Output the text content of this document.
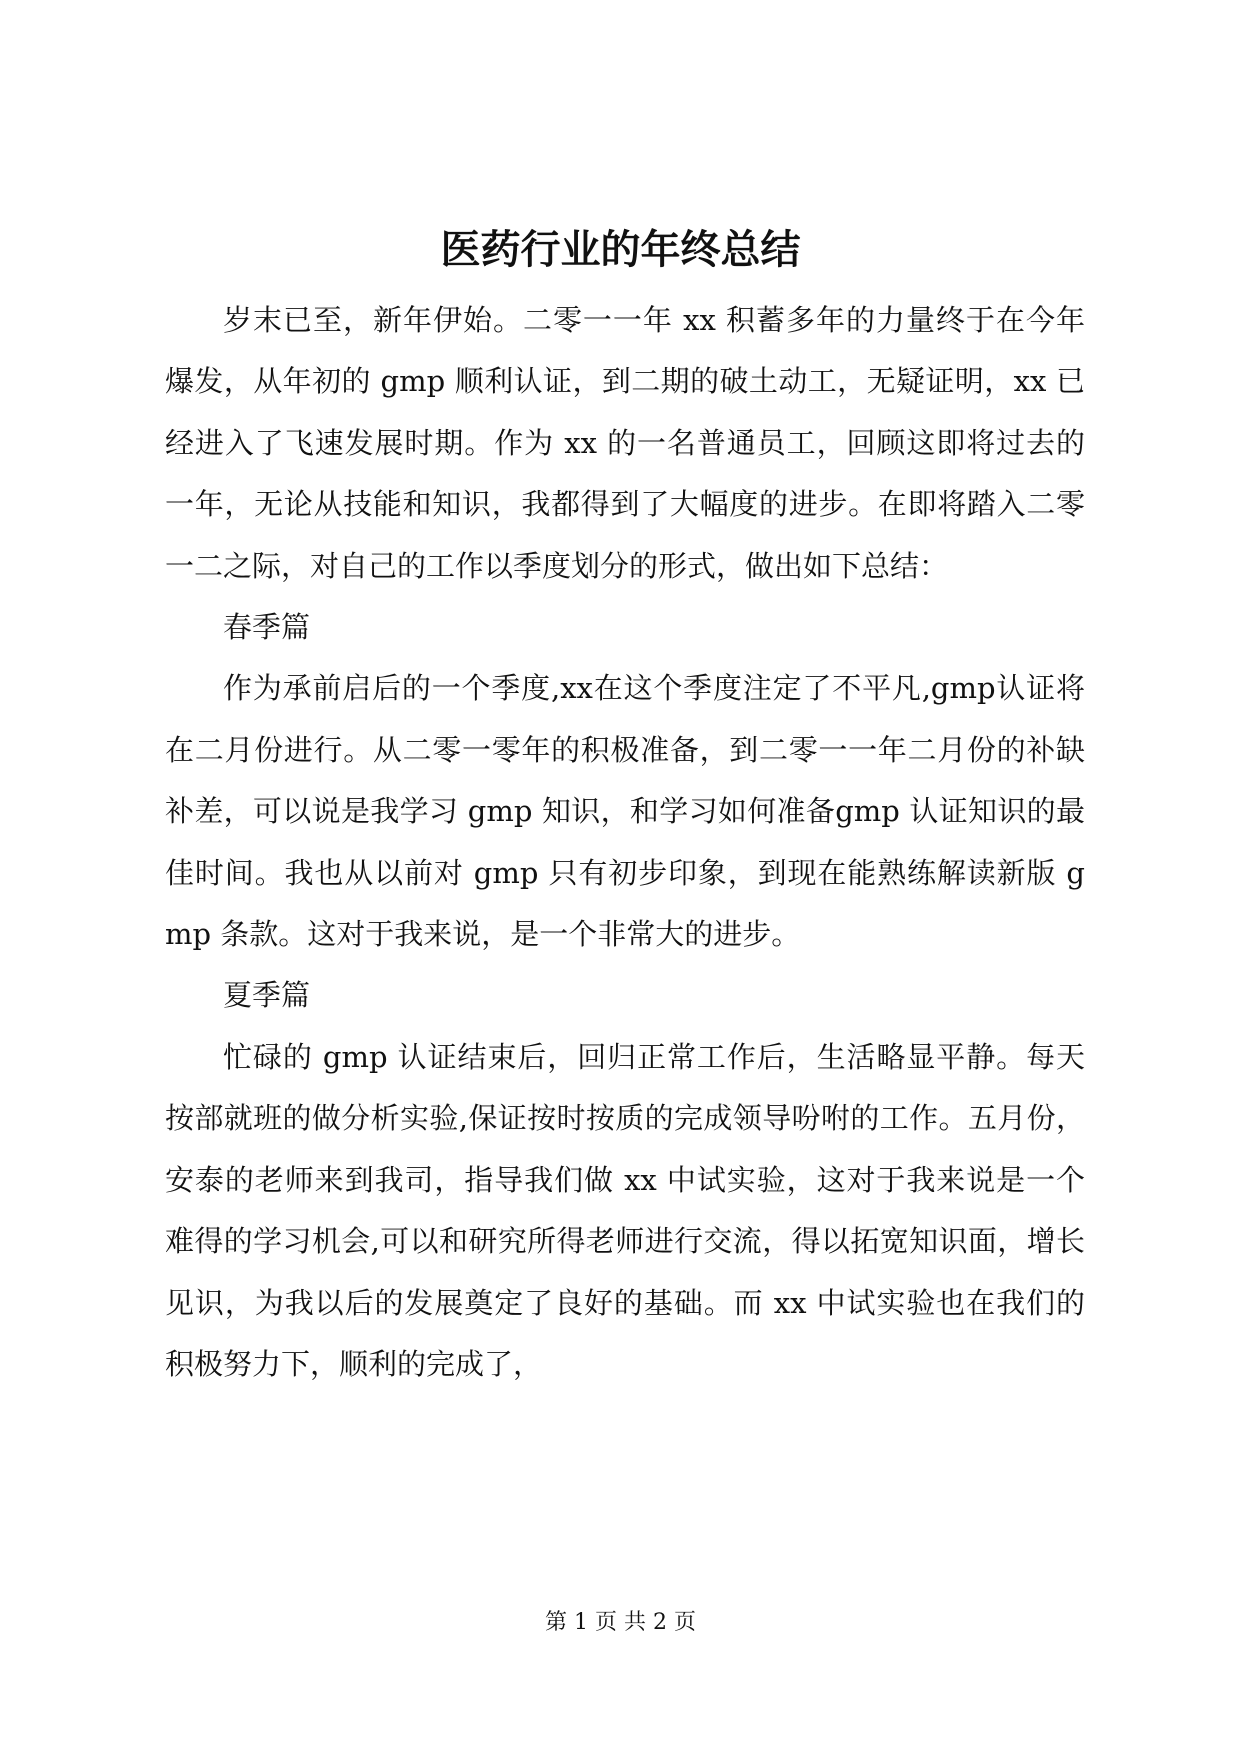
医药行业的年终总结

岁末已至，新年伊始。二零一一年 xx 积蓄多年的力量终于在今年爆发，从年初的 gmp 顺利认证，到二期的破土动工，无疑证明，xx 已经进入了飞速发展时期。作为 xx 的一名普通员工，回顾这即将过去的一年，无论从技能和知识，我都得到了大幅度的进步。在即将踏入二零一二之际，对自己的工作以季度划分的形式，做出如下总结：

春季篇

作为承前启后的一个季度,xx在这个季度注定了不平凡,gmp认证将在二月份进行。从二零一零年的积极准备，到二零一一年二月份的补缺补差，可以说是我学习 gmp 知识，和学习如何准备gmp 认证知识的最佳时间。我也从以前对 gmp 只有初步印象，到现在能熟练解读新版 gmp 条款。这对于我来说，是一个非常大的进步。

夏季篇

忙碌的 gmp 认证结束后，回归正常工作后，生活略显平静。每天按部就班的做分析实验,保证按时按质的完成领导吩咐的工作。五月份，安泰的老师来到我司，指导我们做 xx 中试实验，这对于我来说是一个难得的学习机会,可以和研究所得老师进行交流，得以拓宽知识面，增长见识，为我以后的发展奠定了良好的基础。而 xx 中试实验也在我们的积极努力下，顺利的完成了，

第 1 页 共 2 页
